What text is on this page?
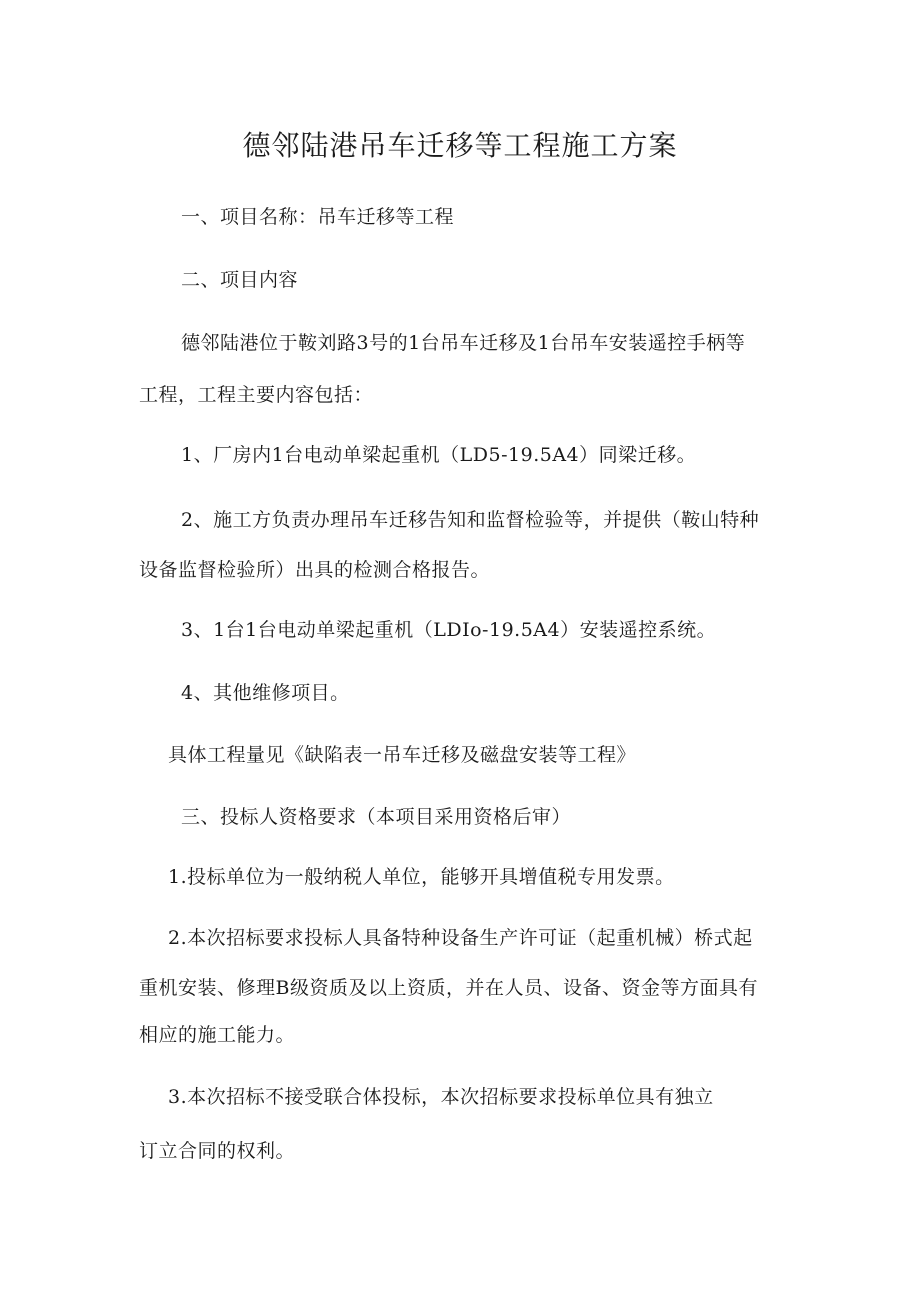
德邻陆港吊车迁移等工程施工方案
一、项目名称：吊车迁移等工程
二、项目内容
德邻陆港位于鞍刘路3号的1台吊车迁移及1台吊车安装遥控手柄等
工程，工程主要内容包括：
1、厂房内1台电动单梁起重机（LD5-19.5A4）同梁迁移。
2、施工方负责办理吊车迁移告知和监督检验等，并提供（鞍山特种
设备监督检验所）出具的检测合格报告。
3、1台1台电动单梁起重机（LDIo-19.5A4）安装遥控系统。
4、其他维修项目。
具体工程量见《缺陷表一吊车迁移及磁盘安装等工程》
三、投标人资格要求（本项目采用资格后审）
1.投标单位为一般纳税人单位，能够开具增值税专用发票。
2.本次招标要求投标人具备特种设备生产许可证（起重机械）桥式起
重机安装、修理B级资质及以上资质，并在人员、设备、资金等方面具有
相应的施工能力。
3.本次招标不接受联合体投标，本次招标要求投标单位具有独立
订立合同的权利。
